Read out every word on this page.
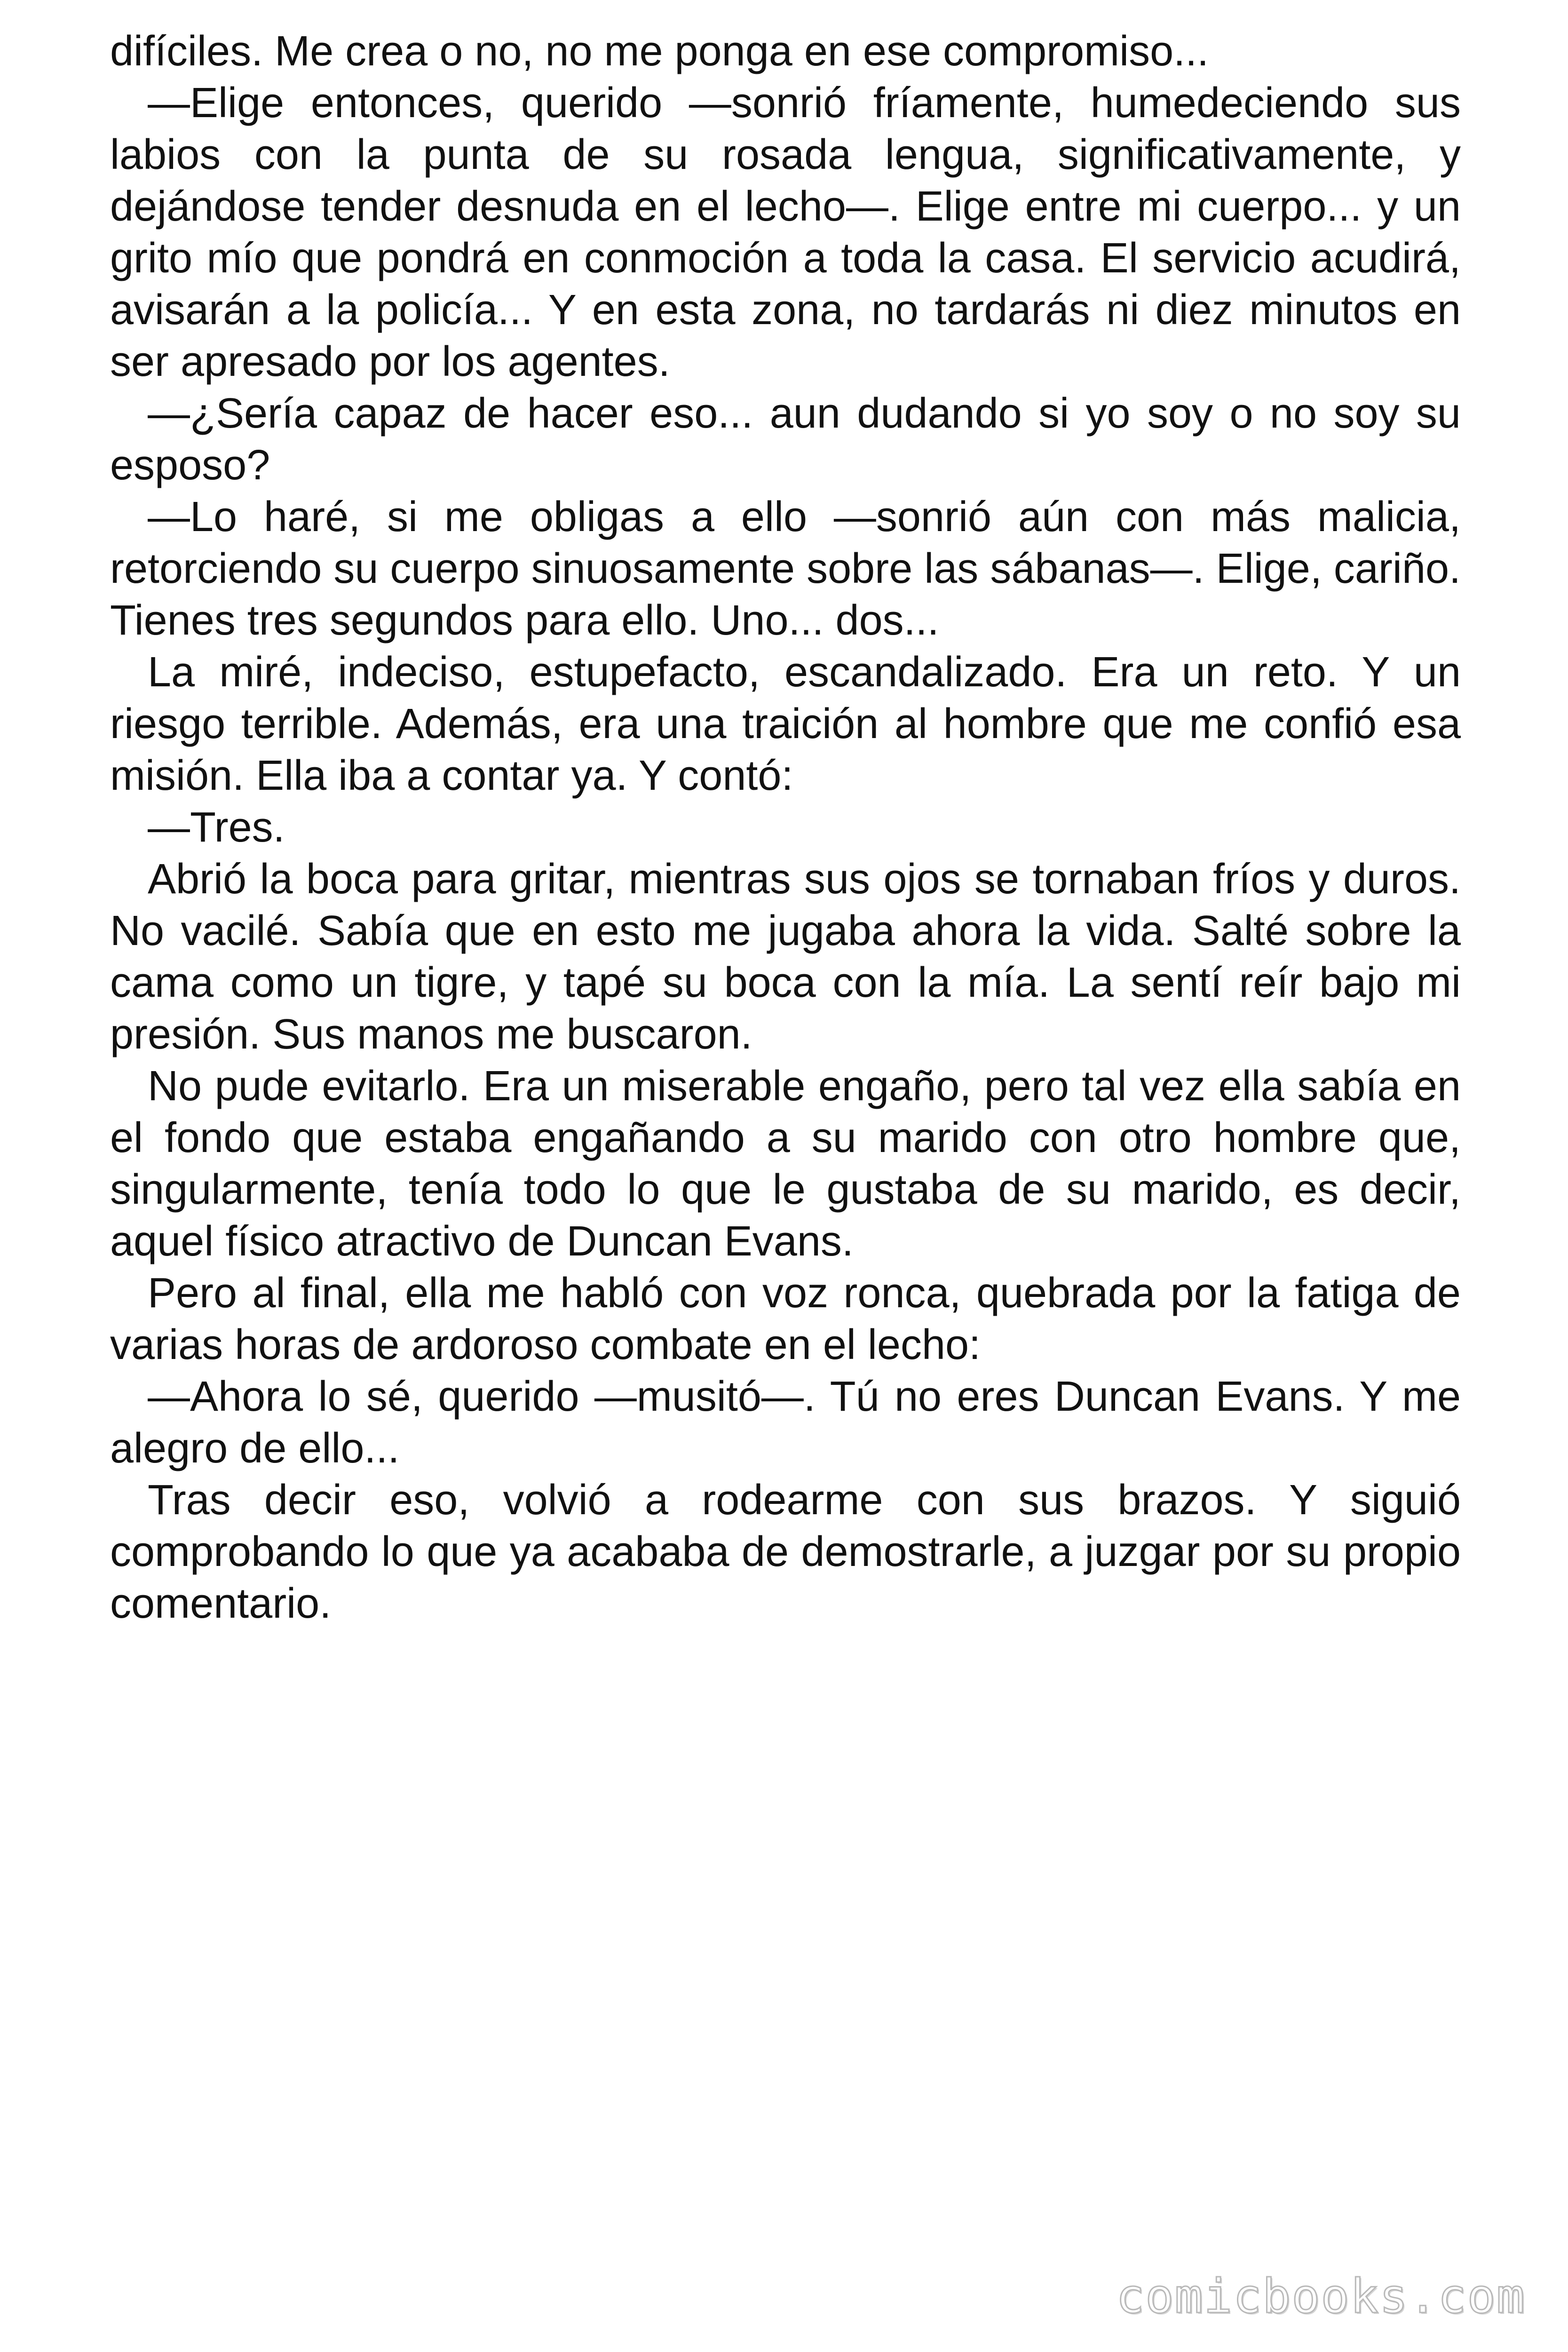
difíciles. Me crea o no, no me ponga en ese compromiso...

—Elige entonces, querido —sonrió fríamente, humedeciendo sus labios con la punta de su rosada lengua, significativamente, y dejándose tender desnuda en el lecho—. Elige entre mi cuerpo... y un grito mío que pondrá en conmoción a toda la casa. El servicio acudirá, avisarán a la policía... Y en esta zona, no tardarás ni diez minutos en ser apresado por los agentes.

—¿Sería capaz de hacer eso... aun dudando si yo soy o no soy su esposo?

—Lo haré, si me obligas a ello —sonrió aún con más malicia, retorciendo su cuerpo sinuosamente sobre las sábanas—. Elige, cariño. Tienes tres segundos para ello. Uno... dos...

La miré, indeciso, estupefacto, escandalizado. Era un reto. Y un riesgo terrible. Además, era una traición al hombre que me confió esa misión. Ella iba a contar ya. Y contó:

—Tres.

Abrió la boca para gritar, mientras sus ojos se tornaban fríos y duros. No vacilé. Sabía que en esto me jugaba ahora la vida. Salté sobre la cama como un tigre, y tapé su boca con la mía. La sentí reír bajo mi presión. Sus manos me buscaron.

No pude evitarlo. Era un miserable engaño, pero tal vez ella sabía en el fondo que estaba engañando a su marido con otro hombre que, singularmente, tenía todo lo que le gustaba de su marido, es decir, aquel físico atractivo de Duncan Evans.

Pero al final, ella me habló con voz ronca, quebrada por la fatiga de varias horas de ardoroso combate en el lecho:

—Ahora lo sé, querido —musitó—. Tú no eres Duncan Evans. Y me alegro de ello...

Tras decir eso, volvió a rodearme con sus brazos. Y siguió comprobando lo que ya acababa de demostrarle, a juzgar por su propio comentario.

comicbooks.com
